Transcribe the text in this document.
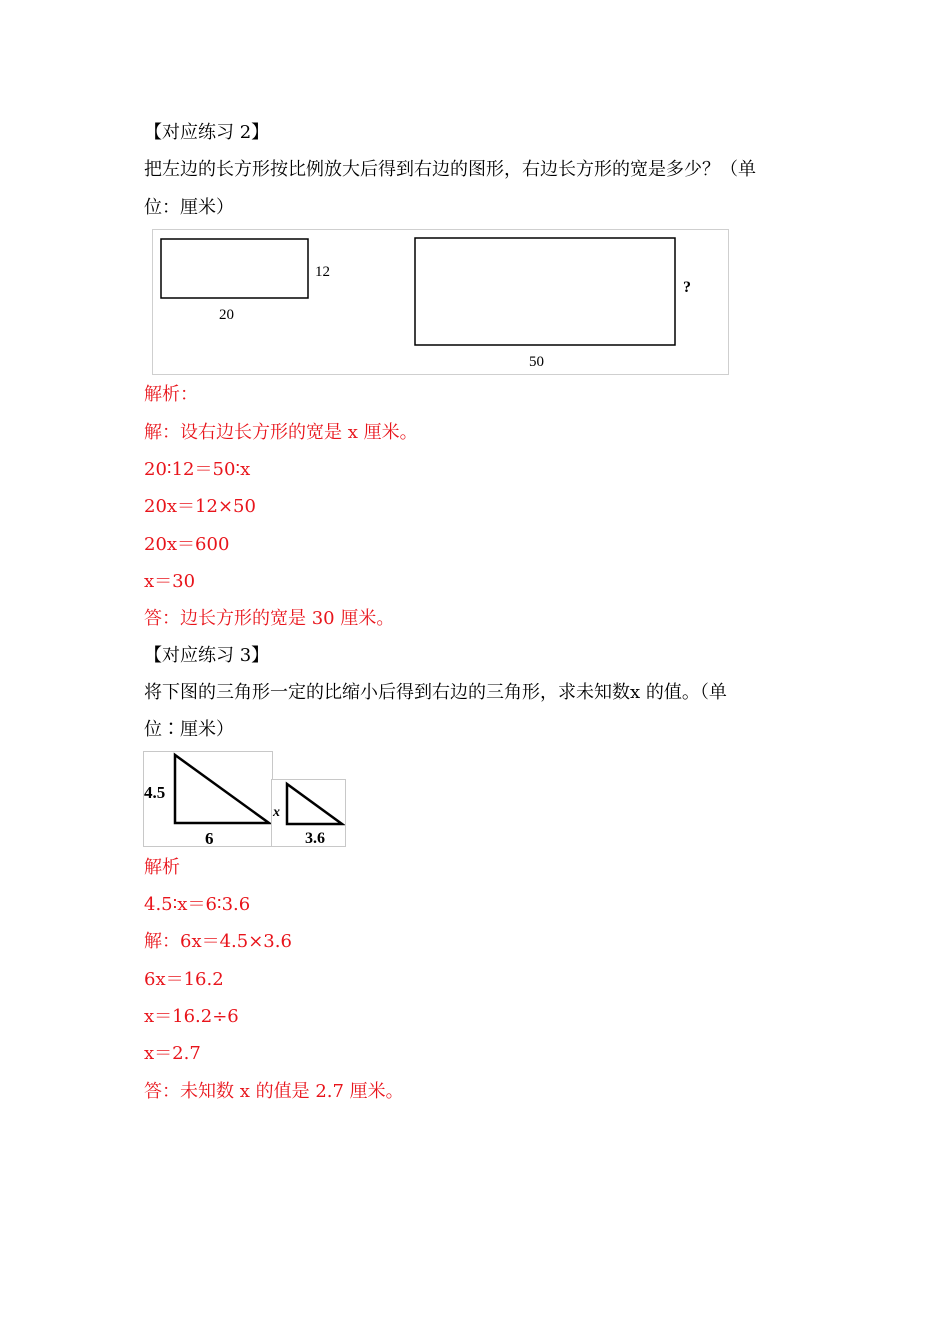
【对应练习 2】
把左边的长方形按比例放大后得到右边的图形，右边长方形的宽是多少？（单
位：厘米）
12
20
?
50
解析：
解：设右边长方形的宽是 x 厘米。
20∶12＝50∶x
20x＝12×50
20x＝600
x＝30
答：边长方形的宽是 30 厘米。
【对应练习 3】
将下图的三角形一定的比缩小后得到右边的三角形，求未知数x 的值。（单
位∶厘米）
4.5
6
x
3.6
解析
4.5∶x＝6∶3.6
解：6x＝4.5×3.6
6x＝16.2
x＝16.2÷6
x＝2.7
答：未知数 x 的值是 2.7 厘米。
